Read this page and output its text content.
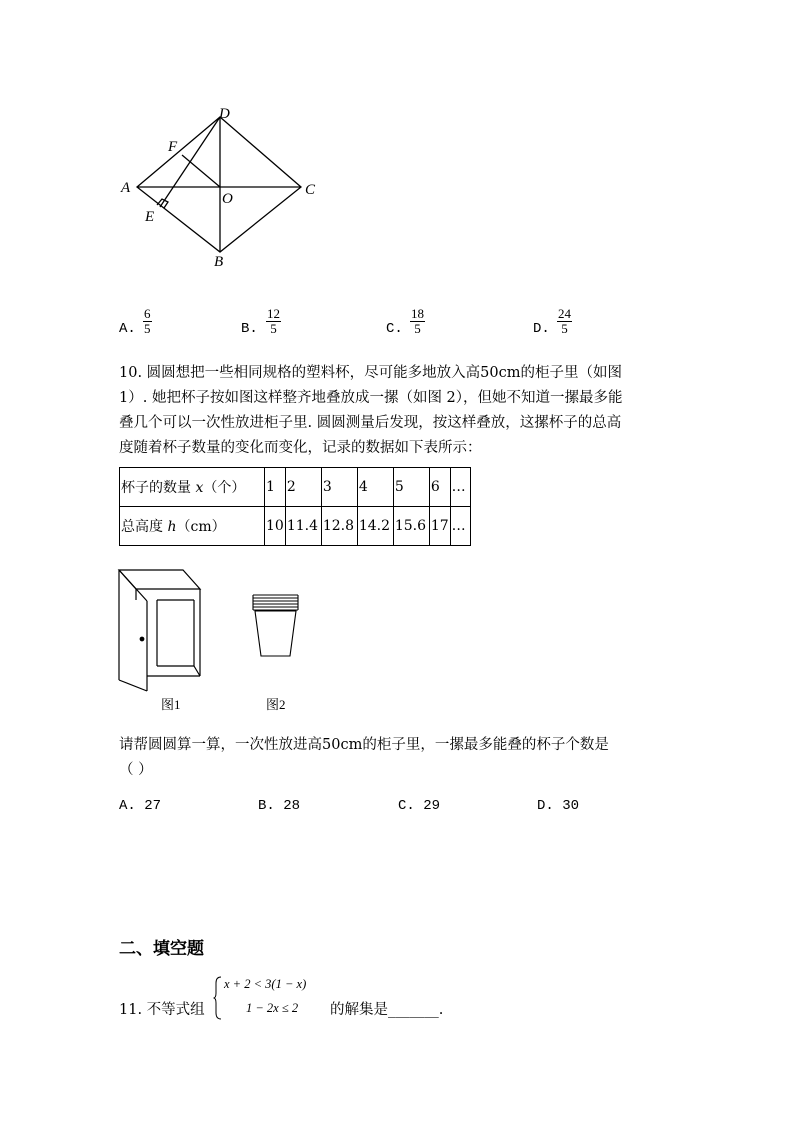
D
F
A
O
C
E
B
A. $\frac{6}{5}$	B. $\frac{12}{5}$	C. $\frac{18}{5}$	D. $\frac{24}{5}$
10. 圆圆想把一些相同规格的塑料杯，尽可能多地放入高50cm的柜子里（如图
1）. 她把杯子按如图这样整齐地叠放成一摞（如图 2），但她不知道一摞最多能
叠几个可以一次性放进柜子里. 圆圆测量后发现，按这样叠放，这摞杯子的总高
度随着杯子数量的变化而变化，记录的数据如下表所示：
杯子的数量 x（个）	1	2	3	4	5	6	…
总高度 h（cm）	10	11.4	12.8	14.2	15.6	17	…
图1	图2
请帮圆圆算一算，一次性放进高50cm的柜子里，一摞最多能叠的杯子个数是
（ ）
A. 27	B. 28	C. 29	D. 30
二、填空题
11. 不等式组
x + 2 < 3(1 − x)
1 − 2x ≤ 2 的解集是_______.
